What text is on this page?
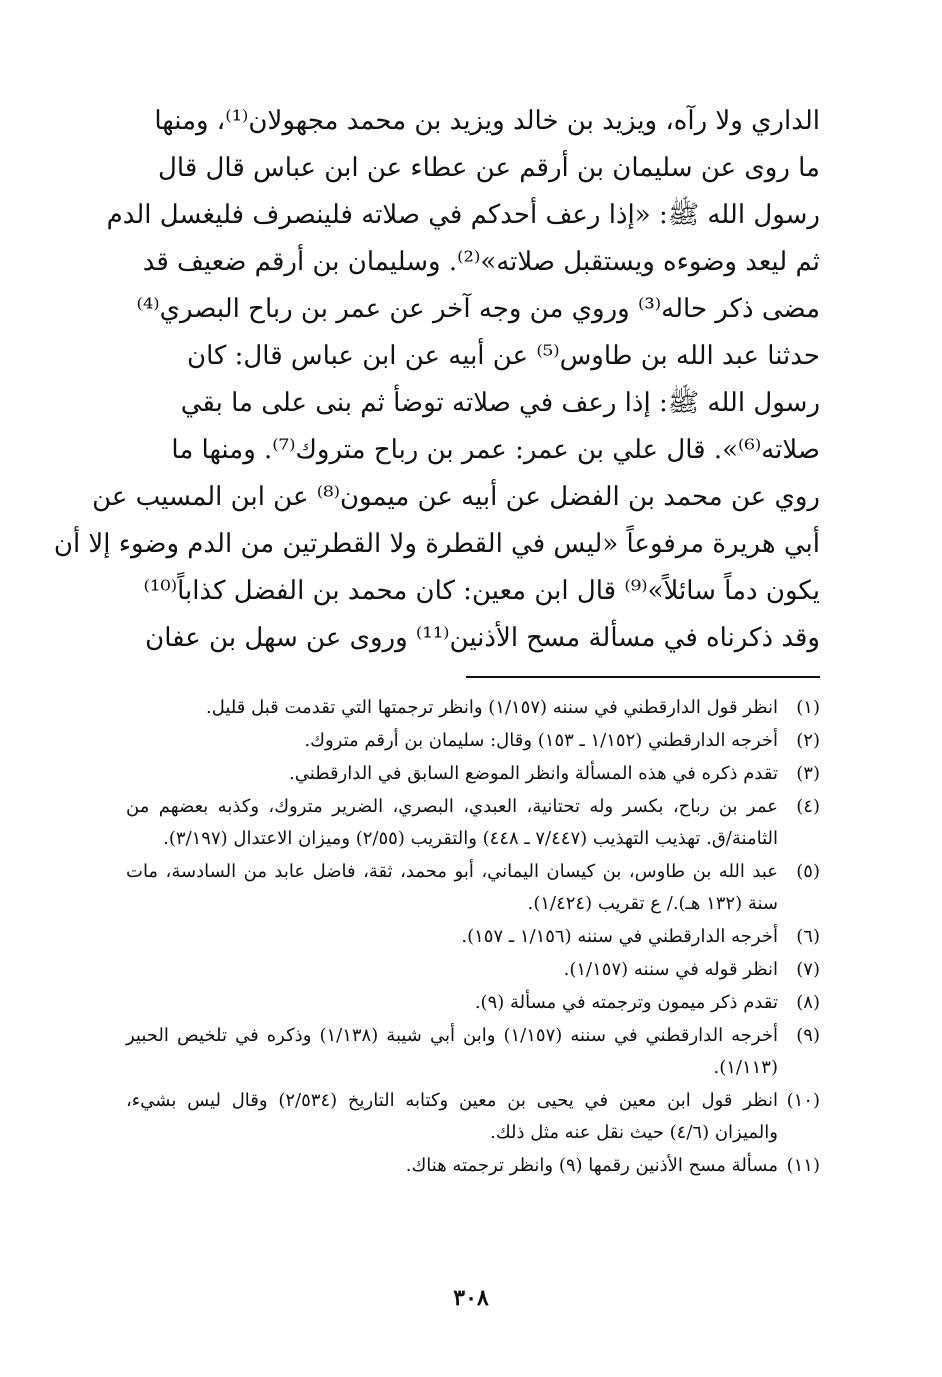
الداري ولا رآه، ويزيد بن خالد ويزيد بن محمد مجهولان⁽¹⁾، ومنها
ما روى عن سليمان بن أرقم عن عطاء عن ابن عباس قال قال
رسول الله ﷺ: «إذا رعف أحدكم في صلاته فلينصرف فليغسل الدم
ثم ليعد وضوءه ويستقبل صلاته»⁽²⁾. وسليمان بن أرقم ضعيف قد
مضى ذكر حاله⁽³⁾ وروي من وجه آخر عن عمر بن رباح البصري⁽⁴⁾
حدثنا عبد الله بن طاوس⁽⁵⁾ عن أبيه عن ابن عباس قال: كان
رسول الله ﷺ: إذا رعف في صلاته توضأ ثم بنى على ما بقي
صلاته⁽⁶⁾». قال علي بن عمر: عمر بن رباح متروك⁽⁷⁾. ومنها ما
روي عن محمد بن الفضل عن أبيه عن ميمون⁽⁸⁾ عن ابن المسيب عن
أبي هريرة مرفوعاً «ليس في القطرة ولا القطرتين من الدم وضوء إلا أن
يكون دماً سائلاً»⁽⁹⁾ قال ابن معين: كان محمد بن الفضل كذاباً⁽¹⁰⁾
وقد ذكرناه في مسألة مسح الأذنين⁽¹¹⁾ وروى عن سهل بن عفان
(١)
انظر قول الدارقطني في سننه (١/١٥٧) وانظر ترجمتها التي تقدمت قبل قليل.
(٢)
أخرجه الدارقطني (١/١٥٢ ـ ١٥٣) وقال: سليمان بن أرقم متروك.
(٣)
تقدم ذكره في هذه المسألة وانظر الموضع السابق في الدارقطني.
(٤)
عمر بن رباح، بكسر وله تحتانية، العبدي، البصري، الضرير متروك، وكذبه بعضهم من الثامنة/ق. تهذيب التهذيب (٧/٤٤٧ ـ ٤٤٨) والتقريب (٢/٥٥) وميزان الاعتدال (٣/١٩٧).
(٥)
عبد الله بن طاوس، بن كيسان اليماني، أبو محمد، ثقة، فاضل عابد من السادسة، مات سنة (١٣٢ هـ)./ ع تقريب (١/٤٢٤).
(٦)
أخرجه الدارقطني في سننه (١/١٥٦ ـ ١٥٧).
(٧)
انظر قوله في سننه (١/١٥٧).
(٨)
تقدم ذكر ميمون وترجمته في مسألة (٩).
(٩)
أخرجه الدارقطني في سننه (١/١٥٧) وابن أبي شيبة (١/١٣٨) وذكره في تلخيص الحبير (١/١١٣).
(١٠)
انظر قول ابن معين في يحيى بن معين وكتابه التاريخ (٢/٥٣٤) وقال ليس بشيء، والميزان (٤/٦) حيث نقل عنه مثل ذلك.
(١١)
مسألة مسح الأذنين رقمها (٩) وانظر ترجمته هناك.
٣٠٨
